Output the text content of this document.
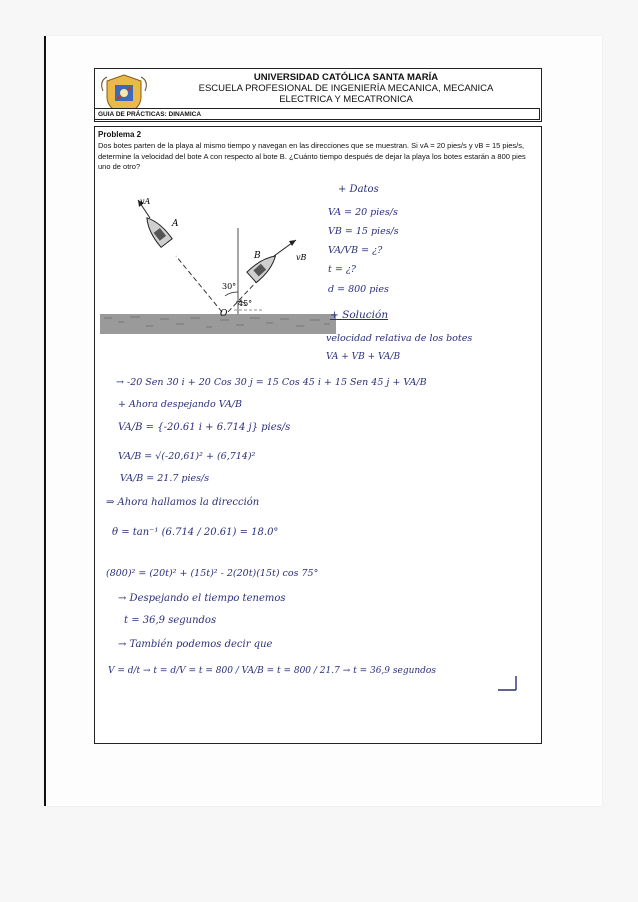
UNIVERSIDAD CATÓLICA SANTA MARÍA
ESCUELA PROFESIONAL DE INGENIERÍA MECANICA, MECANICA
ELECTRICA Y MECATRONICA
GUIA DE PRÁCTICAS: DINAMICA
Problema 2
Dos botes parten de la playa al mismo tiempo y navegan en las direcciones que se muestran. Si vA = 20 pies/s y vB = 15 pies/s, determine la velocidad del bote A con respecto al bote B. ¿Cuánto tiempo después de dejar la playa los botes estarán a 800 pies uno de otro?
vA
A
B	vB
30°
45°
O
+ Datos
VA = 20 pies/s
VB = 15 pies/s
VA/VB = ¿?
t = ¿?
d = 800 pies
+ Solución
velocidad relativa de los botes
VA + VB + VA/B
→ -20 Sen 30 i + 20 Cos 30 j = 15 Cos 45 i + 15 Sen 45 j + VA/B
+ Ahora despejando VA/B
VA/B = {-20.61 i + 6.714 j} pies/s
VA/B = √(-20,61)² + (6,714)²
VA/B = 21.7 pies/s
⇒ Ahora hallamos la dirección
θ = tan⁻¹ (6.714 / 20.61) = 18.0°
(800)² = (20t)² + (15t)² - 2(20t)(15t) cos 75°
→ Despejando el tiempo tenemos
t = 36,9 segundos
→ También podemos decir que
V = d/t → t = d/V = t = 800 / VA/B = t = 800 / 21.7 → t = 36,9 segundos
